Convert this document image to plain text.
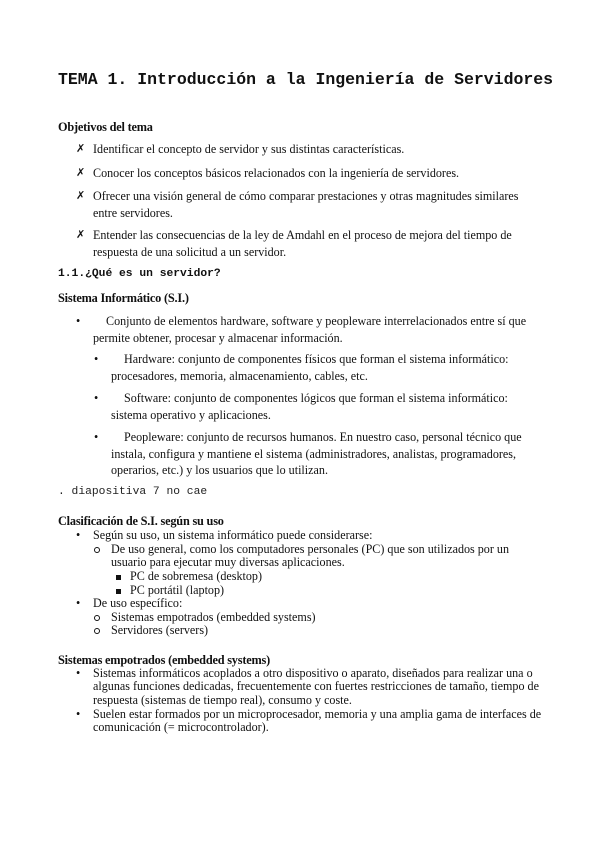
TEMA 1. Introducción a la Ingeniería de Servidores
Objetivos del tema
✗ Identificar el concepto de servidor y sus distintas características.
✗ Conocer los conceptos básicos relacionados con la ingeniería de servidores.
✗ Ofrecer una visión general de cómo comparar prestaciones y otras magnitudes similares entre servidores.
✗ Entender las consecuencias de la ley de Amdahl en el proceso de mejora del tiempo de respuesta de una solicitud a un servidor.
1.1.¿Qué es un servidor?
Sistema Informático (S.I.)
•	Conjunto de elementos hardware, software y peopleware interrelacionados entre sí que permite obtener, procesar y almacenar información.
•	Hardware: conjunto de componentes físicos que forman el sistema informático: procesadores, memoria, almacenamiento, cables, etc.
•	Software: conjunto de componentes lógicos que forman el sistema informático: sistema operativo y aplicaciones.
•	Peopleware: conjunto de recursos humanos. En nuestro caso, personal técnico que instala, configura y mantiene el sistema (administradores, analistas, programadores, operarios, etc.) y los usuarios que lo utilizan.
. diapositiva 7 no cae
Clasificación de S.I. según su uso
• Según su uso, un sistema informático puede considerarse:
De uso general, como los computadores personales (PC) que son utilizados por un usuario para ejecutar muy diversas aplicaciones.
PC de sobremesa (desktop)
PC portátil (laptop)
• De uso específico:
Sistemas empotrados (embedded systems)
Servidores (servers)
Sistemas empotrados (embedded systems)
• Sistemas informáticos acoplados a otro dispositivo o aparato, diseñados para realizar una o algunas funciones dedicadas, frecuentemente con fuertes restricciones de tamaño, tiempo de respuesta (sistemas de tiempo real), consumo y coste.
• Suelen estar formados por un microprocesador, memoria y una amplia gama de interfaces de comunicación (= microcontrolador).
